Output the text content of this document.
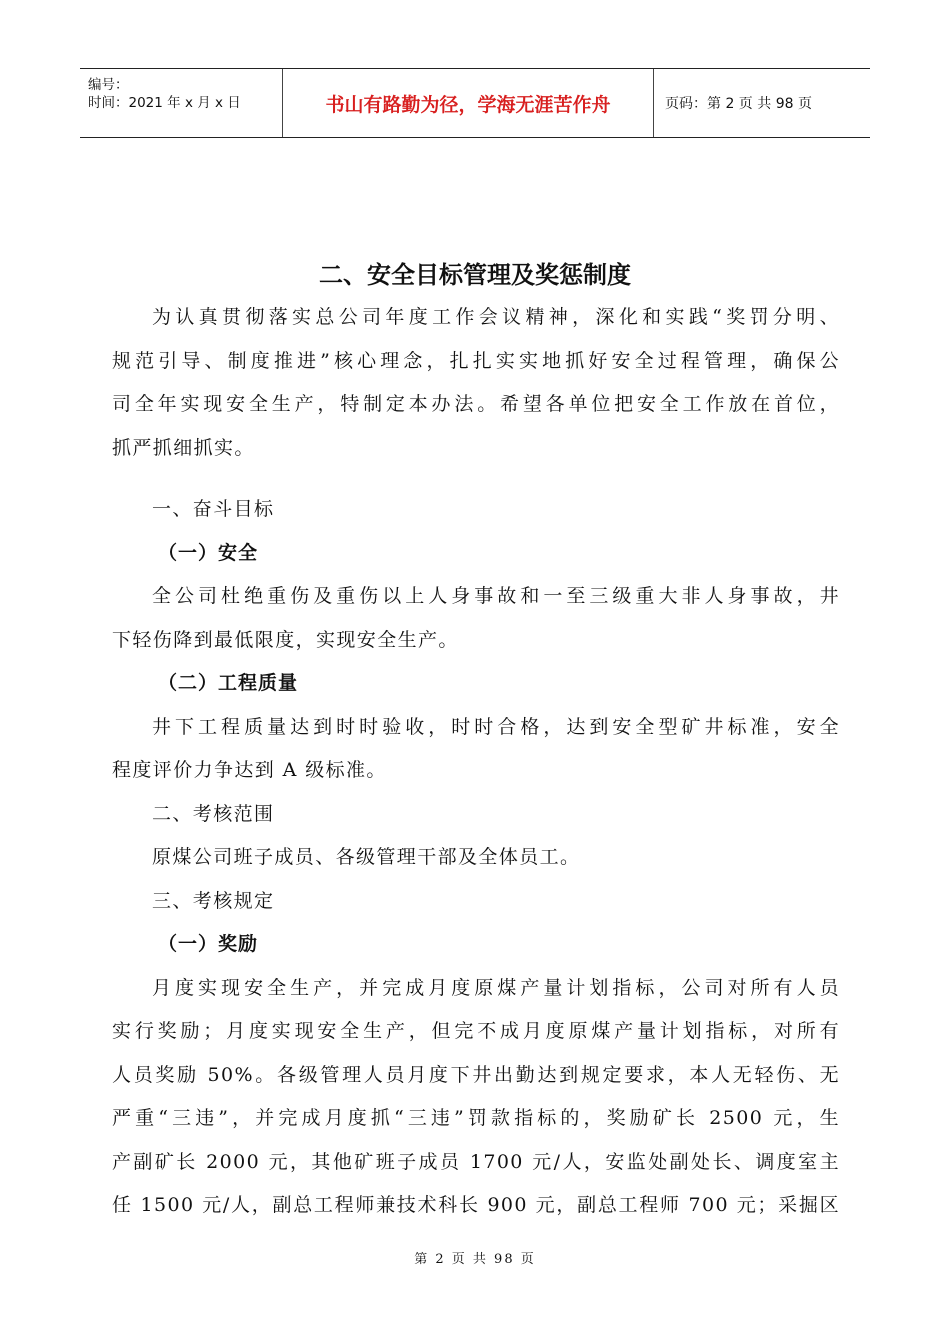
编号：
时间：2021 年 x 月 x 日	书山有路勤为径，学海无涯苦作舟	页码：第 2 页 共 98 页
二、安全目标管理及奖惩制度
为认真贯彻落实总公司年度工作会议精神，深化和实践“奖罚分明、
规范引导、制度推进”核心理念，扎扎实实地抓好安全过程管理，确保公
司全年实现安全生产，特制定本办法。希望各单位把安全工作放在首位，
抓严抓细抓实。
一、奋斗目标
（一）安全
全公司杜绝重伤及重伤以上人身事故和一至三级重大非人身事故，井
下轻伤降到最低限度，实现安全生产。
（二）工程质量
井下工程质量达到时时验收，时时合格，达到安全型矿井标准，安全
程度评价力争达到 A 级标准。
二、考核范围
原煤公司班子成员、各级管理干部及全体员工。
三、考核规定
（一）奖励
月度实现安全生产，并完成月度原煤产量计划指标，公司对所有人员
实行奖励；月度实现安全生产，但完不成月度原煤产量计划指标，对所有
人员奖励 50%。各级管理人员月度下井出勤达到规定要求，本人无轻伤、无
严重“三违”，并完成月度抓“三违”罚款指标的，奖励矿长 2500 元，生
产副矿长 2000 元，其他矿班子成员 1700 元/人，安监处副处长、调度室主
任 1500 元/人，副总工程师兼技术科长 900 元，副总工程师 700 元；采掘区
第 2 页 共 98 页
